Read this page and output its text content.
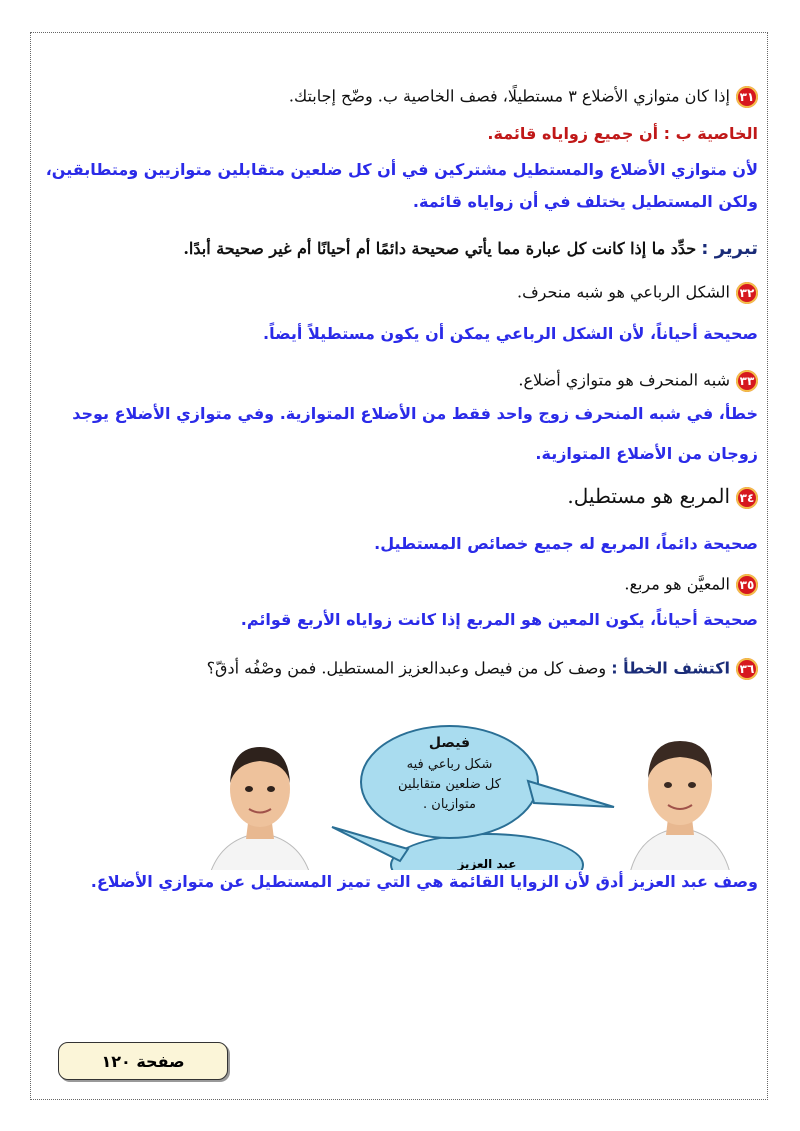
٣١إذا كان متوازي الأضلاع ٣ مستطيلًا، فصف الخاصية ب. وضّح إجابتك.
الخاصية ب : أن جميع زواياه قائمة.
لأن متوازي الأضلاع والمستطيل مشتركين في أن كل ضلعين متقابلين متوازيين ومتطابقين،
ولكن المستطيل يختلف في أن زواياه قائمة.
تبرير : حدِّد ما إذا كانت كل عبارة مما يأتي صحيحة دائمًا أم أحيانًا أم غير صحيحة أبدًا.
٣٢الشكل الرباعي هو شبه منحرف.
صحيحة أحياناً، لأن الشكل الرباعي يمكن أن يكون مستطيلاً أيضاً.
٣٣شبه المنحرف هو متوازي أضلاع.
خطأ، في شبه المنحرف زوج واحد فقط من الأضلاع المتوازية. وفي متوازي الأضلاع يوجد
زوجان من الأضلاع المتوازية.
٣٤المربع هو مستطيل.
صحيحة دائماً، المربع له جميع خصائص المستطيل.
٣٥المعيَّن هو مربع.
صحيحة أحياناً، يكون المعين هو المربع إذا كانت زواياه الأربع قوائم.
٣٦اكتشف الخطأ : وصف كل من فيصل وعبدالعزيز المستطيل. فمن وصْفُه أدقّ؟
عبد العزيز
فيصل
شكل رباعي فيه
كل ضلعين متقابلين
متوازيان .
وصف عبد العزيز أدق لأن الزوايا القائمة هي التي تميز المستطيل عن متوازي الأضلاع.
صفحة ١٢٠
